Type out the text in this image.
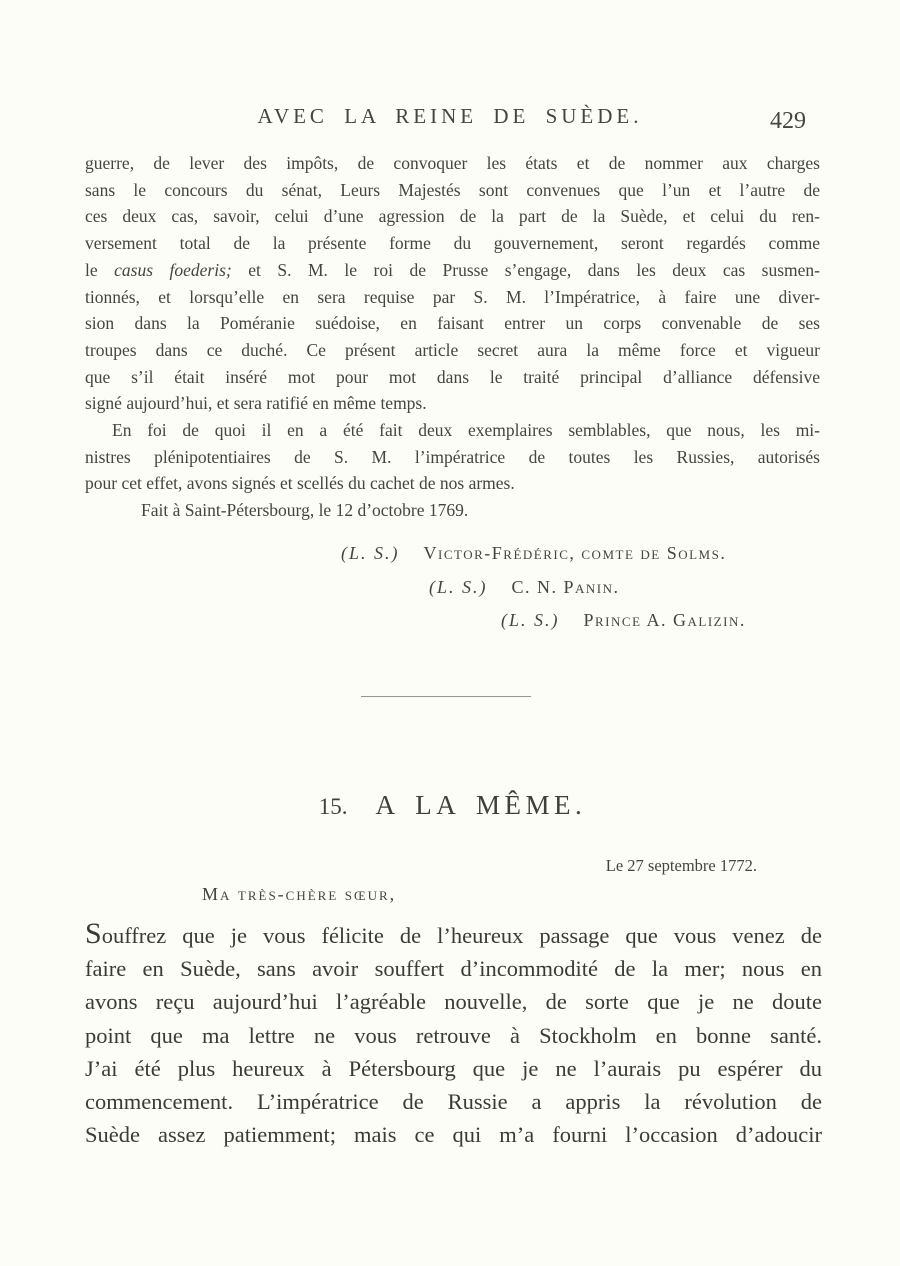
AVEC LA REINE DE SUÈDE.	429
guerre, de lever des impôts, de convoquer les états et de nommer aux charges
sans le concours du sénat, Leurs Majestés sont convenues que l’un et l’autre de
ces deux cas, savoir, celui d’une agression de la part de la Suède, et celui du ren-
versement total de la présente forme du gouvernement, seront regardés comme
le casus foederis; et S. M. le roi de Prusse s’engage, dans les deux cas susmen-
tionnés, et lorsqu’elle en sera requise par S. M. l’Impératrice, à faire une diver-
sion dans la Poméranie suédoise, en faisant entrer un corps convenable de ses
troupes dans ce duché. Ce présent article secret aura la même force et vigueur
que s’il était inséré mot pour mot dans le traité principal d’alliance défensive
signé aujourd’hui, et sera ratifié en même temps.
En foi de quoi il en a été fait deux exemplaires semblables, que nous, les mi-
nistres plénipotentiaires de S. M. l’impératrice de toutes les Russies, autorisés
pour cet effet, avons signés et scellés du cachet de nos armes.
Fait à Saint-Pétersbourg, le 12 d’octobre 1769.
(L. S.) Victor-Frédéric, comte de Solms.
(L. S.) C. N. Panin.
(L. S.) Prince A. Galizin.
15. A LA MÊME.
Le 27 septembre 1772.
Ma très-chère sœur,
Souffrez que je vous félicite de l’heureux passage que vous venez de
faire en Suède, sans avoir souffert d’incommodité de la mer; nous en
avons reçu aujourd’hui l’agréable nouvelle, de sorte que je ne doute
point que ma lettre ne vous retrouve à Stockholm en bonne santé.
J’ai été plus heureux à Pétersbourg que je ne l’aurais pu espérer du
commencement. L’impératrice de Russie a appris la révolution de
Suède assez patiemment; mais ce qui m’a fourni l’occasion d’adoucir
